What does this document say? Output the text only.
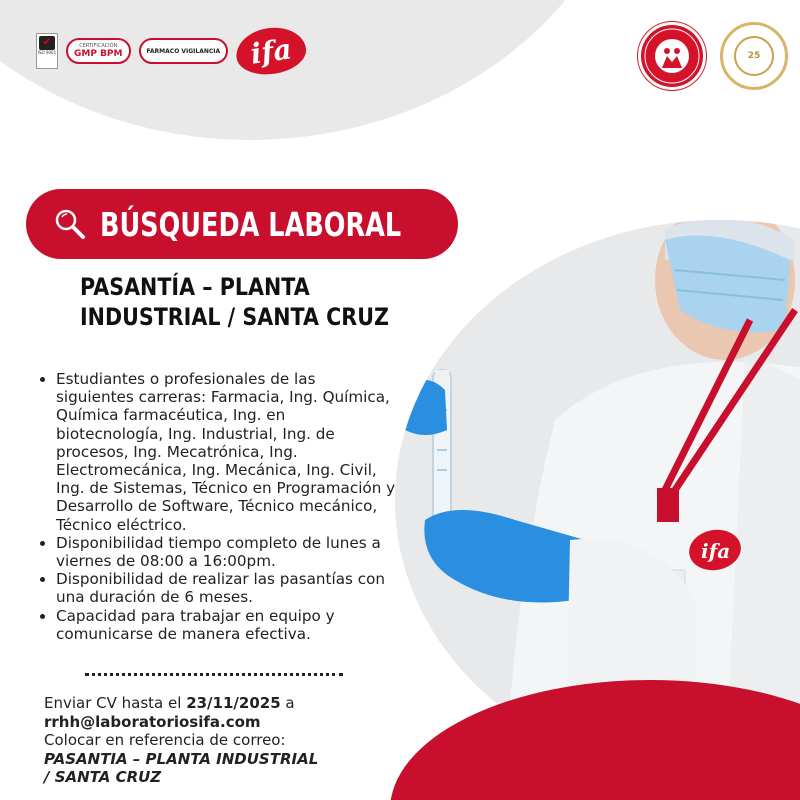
✔
ISO 9001
CERTIFICACIÓN
GMP BPM	FARMACO VIGILANCIA	ifa	25
ifa
BÚSQUEDA LABORAL
PASANTÍA – PLANTA
INDUSTRIAL / SANTA CRUZ
Estudiantes o profesionales de las siguientes carreras: Farmacia, Ing. Química, Química farmacéutica, Ing. en biotecnología, Ing. Industrial, Ing. de procesos, Ing. Mecatrónica, Ing. Electromecánica, Ing. Mecánica, Ing. Civil, Ing. de Sistemas, Técnico en Programación y Desarrollo de Software, Técnico mecánico, Técnico eléctrico.
Disponibilidad tiempo completo de lunes a viernes de 08:00 a 16:00pm.
Disponibilidad de realizar las pasantías con una duración de 6 meses.
Capacidad para trabajar en equipo y comunicarse de manera efectiva.
Enviar CV hasta el 23/11/2025 a
rrhh@laboratoriosifa.com
Colocar en referencia de correo:
PASANTIA – PLANTA INDUSTRIAL
/ SANTA CRUZ
